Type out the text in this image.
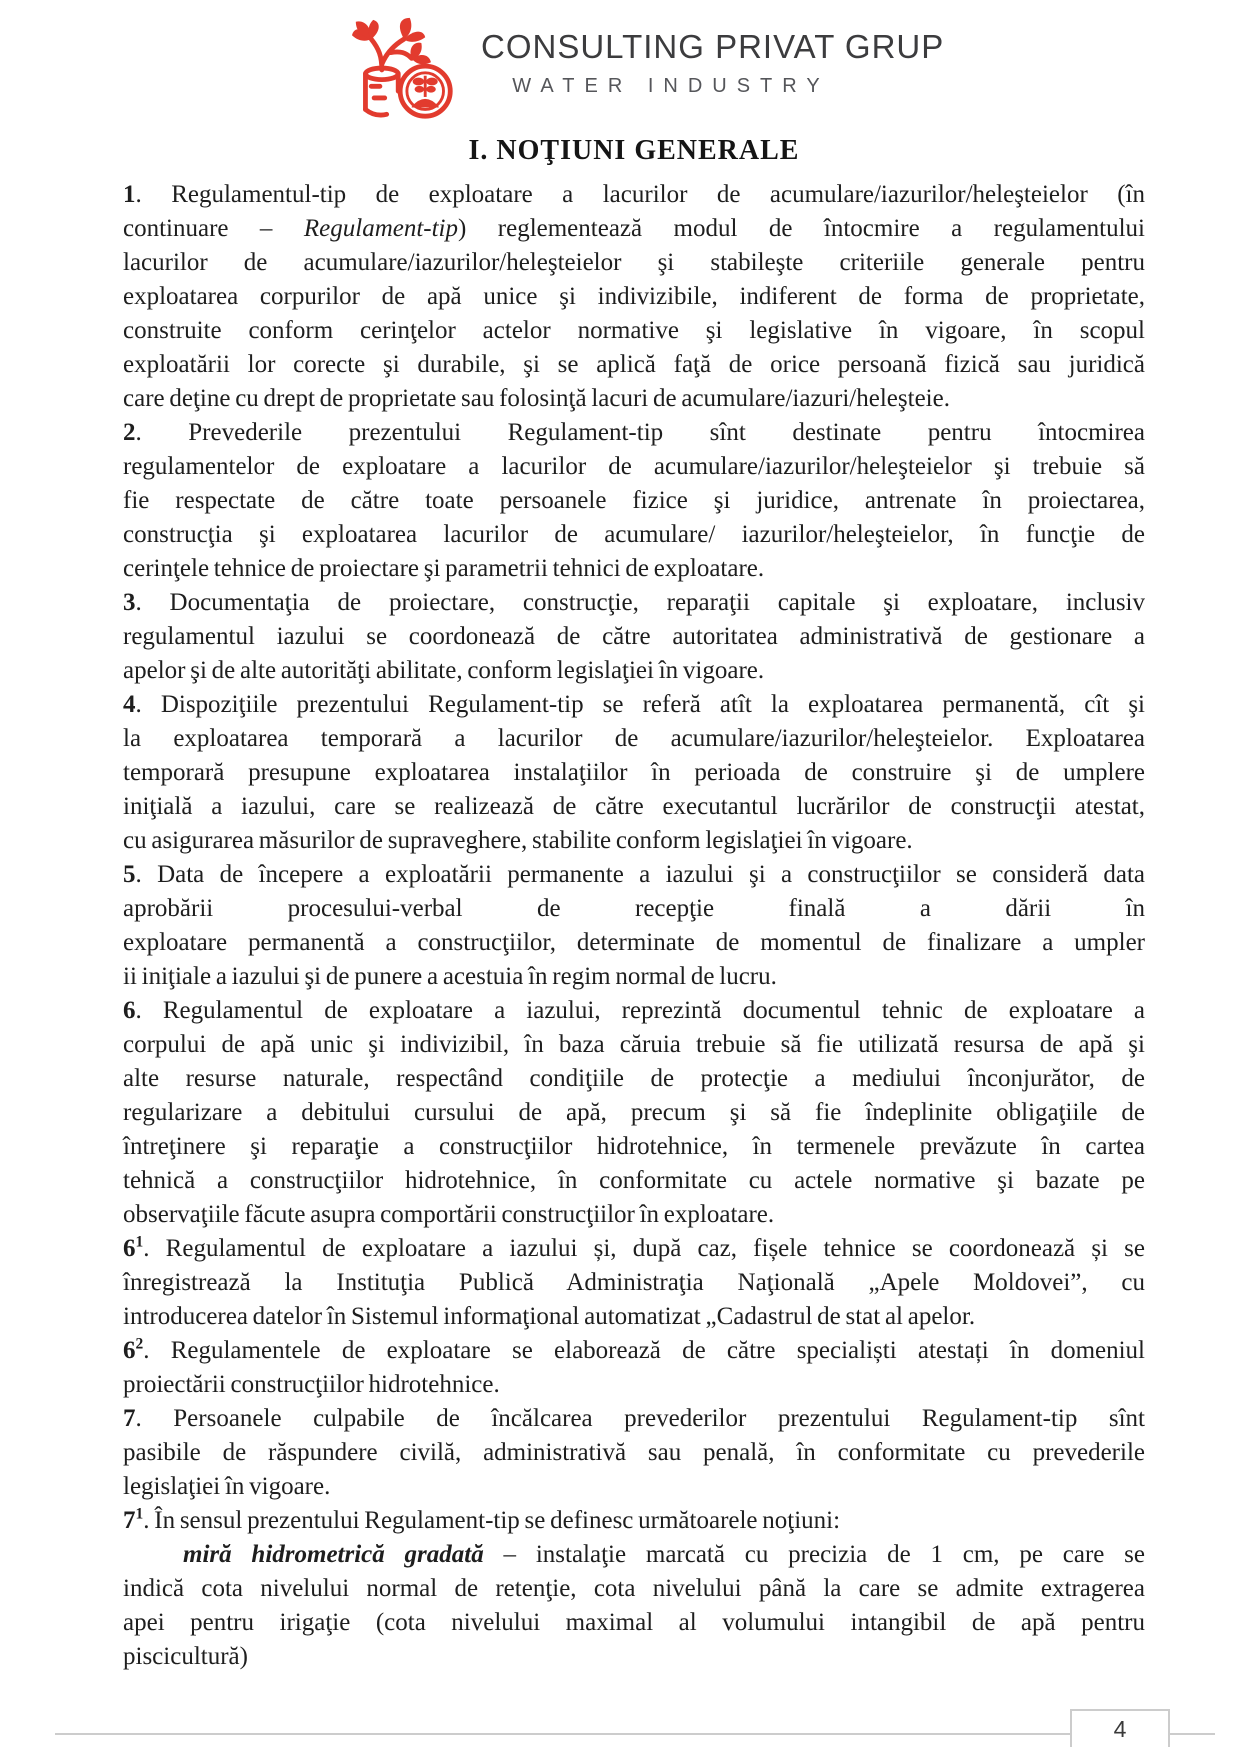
CONSULTING PRIVAT GRUP
WATER INDUSTRY
I. NOŢIUNI GENERALE
1. Regulamentul-tip de exploatare a lacurilor de acumulare/iazurilor/heleşteielor (în
continuare – Regulament-tip) reglementează modul de întocmire a regulamentului
lacurilor de acumulare/iazurilor/heleşteielor şi stabileşte criteriile generale pentru
exploatarea corpurilor de apă unice şi indivizibile, indiferent de forma de proprietate,
construite conform cerinţelor actelor normative şi legislative în vigoare, în scopul
exploatării lor corecte şi durabile, şi se aplică faţă de orice persoană fizică sau juridică
care deţine cu drept de proprietate sau folosinţă lacuri de acumulare/iazuri/heleşteie.
2. Prevederile prezentului Regulament-tip sînt destinate pentru întocmirea
regulamentelor de exploatare a lacurilor de acumulare/iazurilor/heleşteielor şi trebuie să
fie respectate de către toate persoanele fizice şi juridice, antrenate în proiectarea,
construcţia şi exploatarea lacurilor de acumulare/ iazurilor/heleşteielor, în funcţie de
cerinţele tehnice de proiectare şi parametrii tehnici de exploatare.
3. Documentaţia de proiectare, construcţie, reparaţii capitale şi exploatare, inclusiv
regulamentul iazului se coordonează de către autoritatea administrativă de gestionare a
apelor şi de alte autorităţi abilitate, conform legislaţiei în vigoare.
4. Dispoziţiile prezentului Regulament-tip se referă atît la exploatarea permanentă, cît şi
la exploatarea temporară a lacurilor de acumulare/iazurilor/heleşteielor. Exploatarea
temporară presupune exploatarea instalaţiilor în perioada de construire şi de umplere
iniţială a iazului, care se realizează de către executantul lucrărilor de construcţii atestat,
cu asigurarea măsurilor de supraveghere, stabilite conform legislaţiei în vigoare.
5. Data de începere a exploatării permanente a iazului şi a construcţiilor se consideră data
aprobării procesului-verbal de recepţie finală a dării în
exploatare permanentă a construcţiilor, determinate de momentul de finalizare a umpler
ii iniţiale a iazului şi de punere a acestuia în regim normal de lucru.
6. Regulamentul de exploatare a iazului, reprezintă documentul tehnic de exploatare a
corpului de apă unic şi indivizibil, în baza căruia trebuie să fie utilizată resursa de apă şi
alte resurse naturale, respectând condiţiile de protecţie a mediului înconjurător, de
regularizare a debitului cursului de apă, precum şi să fie îndeplinite obligaţiile de
întreţinere şi reparaţie a construcţiilor hidrotehnice, în termenele prevăzute în cartea
tehnică a construcţiilor hidrotehnice, în conformitate cu actele normative şi bazate pe
observaţiile făcute asupra comportării construcţiilor în exploatare.
$6^1$. Regulamentul de exploatare a iazului și, după caz, fișele tehnice se coordonează și se
înregistrează la Instituţia Publică Administraţia Naţională „Apele Moldovei”, cu
introducerea datelor în Sistemul informaţional automatizat „Cadastrul de stat al apelor.
$6^2$. Regulamentele de exploatare se elaborează de către specialiști atestați în domeniul
proiectării construcţiilor hidrotehnice.
7. Persoanele culpabile de încălcarea prevederilor prezentului Regulament-tip sînt
pasibile de răspundere civilă, administrativă sau penală, în conformitate cu prevederile
legislaţiei în vigoare.
$7^1$. În sensul prezentului Regulament-tip se definesc următoarele noţiuni:
miră hidrometrică gradată – instalaţie marcată cu precizia de 1 cm, pe care se
indică cota nivelului normal de retenţie, cota nivelului până la care se admite extragerea
apei pentru irigaţie (cota nivelului maximal al volumului intangibil de apă pentru
piscicultură)
4
